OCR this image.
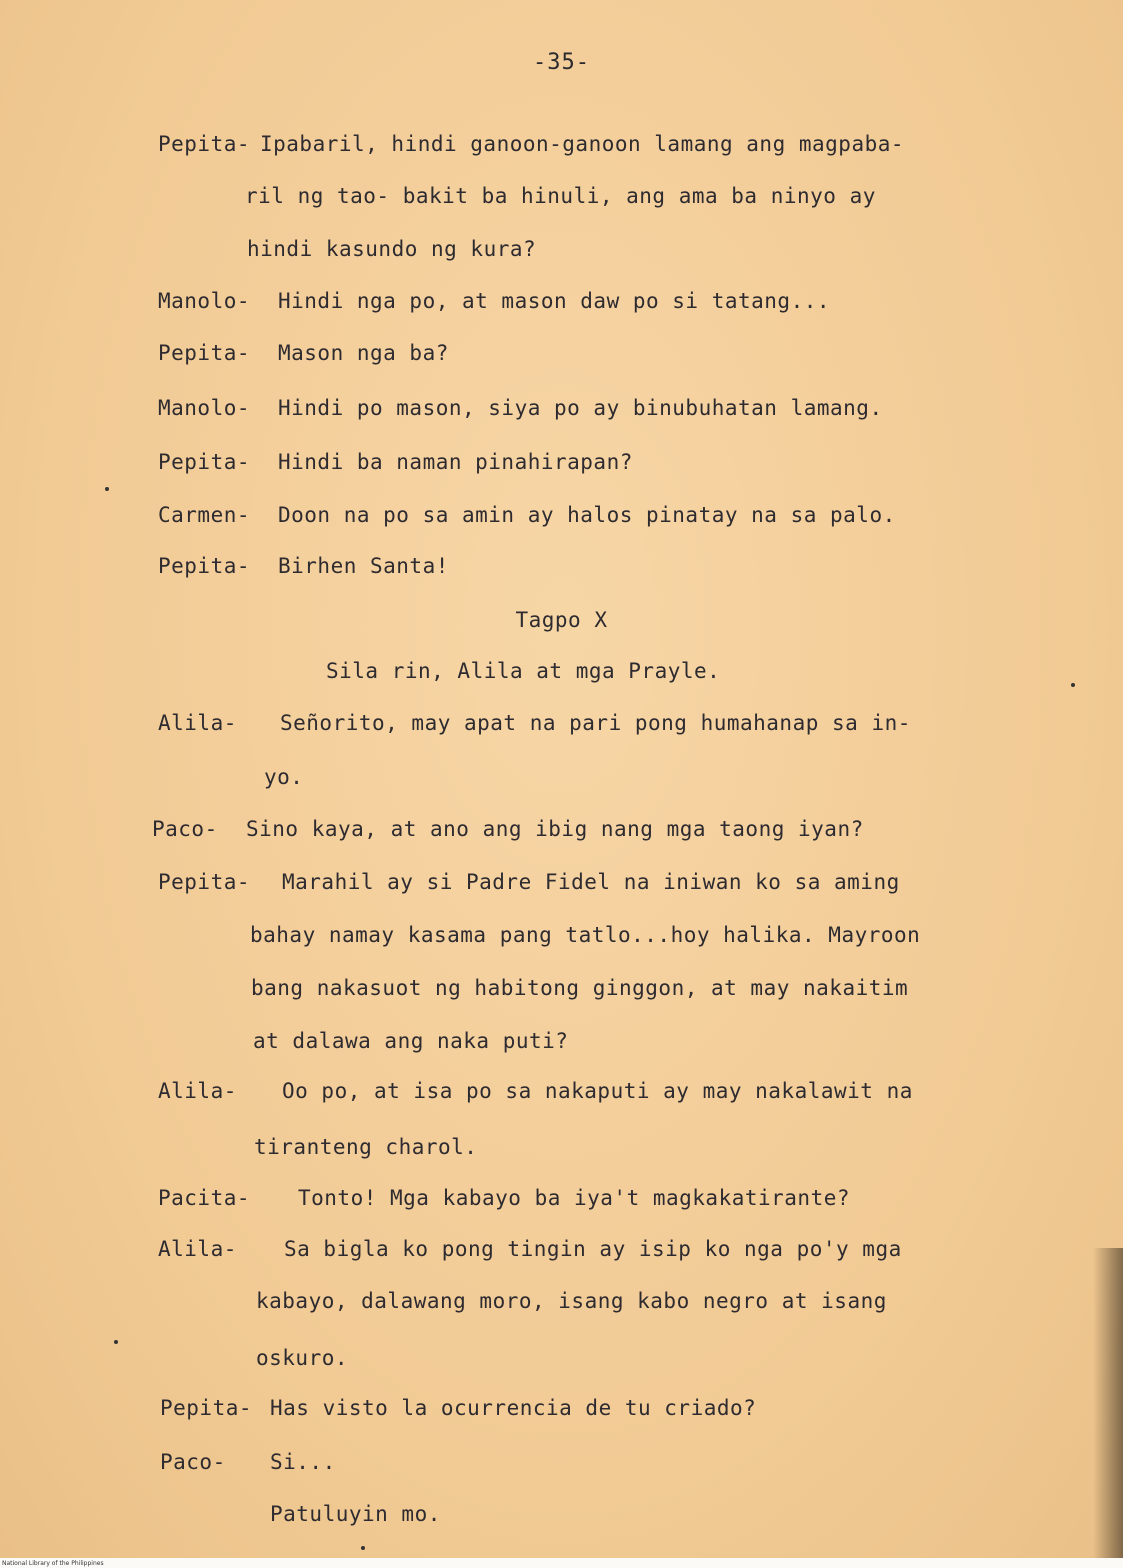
-35-
Pepita- Ipabaril, hindi ganoon-ganoon lamang ang magpaba-
ril ng tao- bakit ba hinuli, ang ama ba ninyo ay
hindi kasundo ng kura?
Manolo- Hindi nga po, at mason daw po si tatang...
Pepita- Mason nga ba?
Manolo- Hindi po mason, siya po ay binubuhatan lamang.
Pepita- Hindi ba naman pinahirapan?
Carmen- Doon na po sa amin ay halos pinatay na sa palo.
Pepita- Birhen Santa!
Tagpo X
Sila rin, Alila at mga Prayle.
Alila- Señorito, may apat na pari pong humahanap sa in-
yo.
Paco- Sino kaya, at ano ang ibig nang mga taong iyan?
Pepita- Marahil ay si Padre Fidel na iniwan ko sa aming
bahay namay kasama pang tatlo...hoy halika. Mayroon
bang nakasuot ng habitong ginggon, at may nakaitim
at dalawa ang naka puti?
Alila- Oo po, at isa po sa nakaputi ay may nakalawit na
tiranteng charol.
Pacita- Tonto! Mga kabayo ba iya't magkakatirante?
Alila- Sa bigla ko pong tingin ay isip ko nga po'y mga
kabayo, dalawang moro, isang kabo negro at isang
oskuro.
Pepita- Has visto la ocurrencia de tu criado?
Paco- Si...
Patuluyin mo.
National Library of the Philippines
